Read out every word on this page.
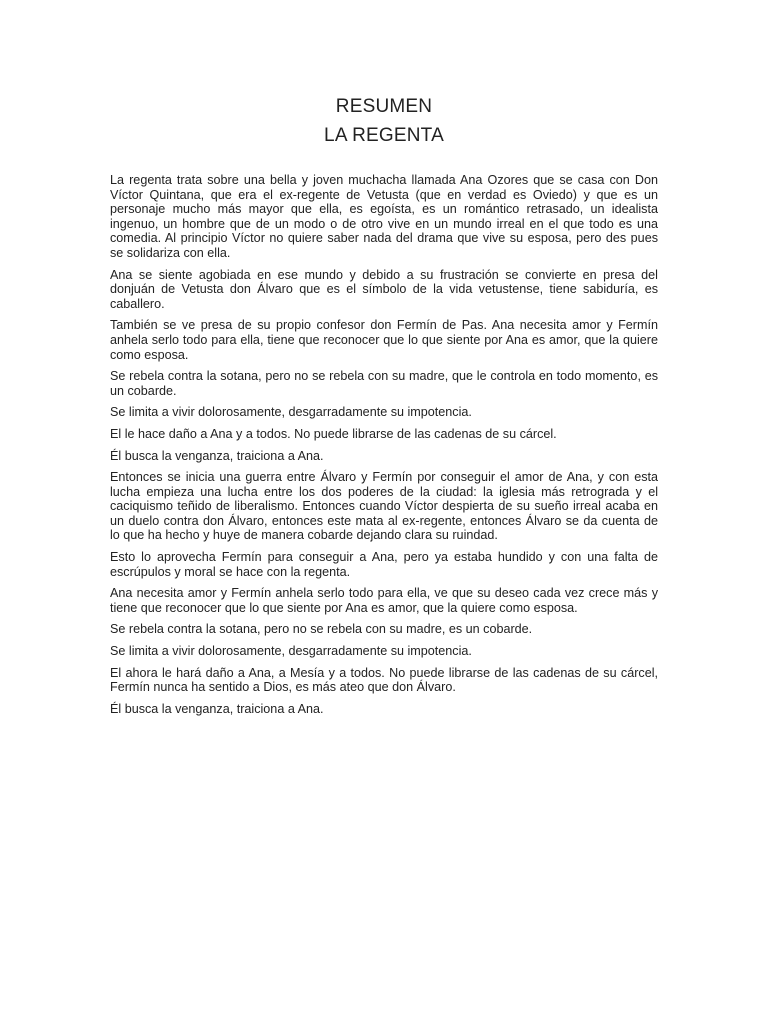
RESUMEN

LA REGENTA

La regenta trata sobre una bella y joven muchacha llamada Ana Ozores que se casa con Don Víctor Quintana, que era el ex-regente de Vetusta (que en verdad es Oviedo) y que es un personaje mucho más mayor que ella, es egoísta, es un romántico retrasado, un idealista ingenuo, un hombre que de un modo o de otro vive en un mundo irreal en el que todo es una comedia. Al principio Víctor no quiere saber nada del drama que vive su esposa, pero des pues se solidariza con ella.

Ana se siente agobiada en ese mundo y debido a su frustración se convierte en presa del donjuán de Vetusta don Álvaro que es el símbolo de la vida vetustense, tiene sabiduría, es caballero.

También se ve presa de su propio confesor don Fermín de Pas. Ana necesita amor y Fermín anhela serlo todo para ella, tiene que reconocer que lo que siente por Ana es amor, que la quiere como esposa.

Se rebela contra la sotana, pero no se rebela con su madre, que le controla en todo momento, es un cobarde.

Se limita a vivir dolorosamente, desgarradamente su impotencia.

El le hace daño a Ana y a todos. No puede librarse de las cadenas de su cárcel.

Él busca la venganza, traiciona a Ana.

Entonces se inicia una guerra entre Álvaro y Fermín por conseguir el amor de Ana, y con esta lucha empieza una lucha entre los dos poderes de la ciudad: la iglesia más retrograda y el caciquismo teñido de liberalismo. Entonces cuando Víctor despierta de su sueño irreal acaba en un duelo contra don Álvaro, entonces este mata al ex-regente, entonces Álvaro se da cuenta de lo que ha hecho y huye de manera cobarde dejando clara su ruindad.

Esto lo aprovecha Fermín para conseguir a Ana, pero ya estaba hundido y con una falta de escrúpulos y moral se hace con la regenta.

Ana necesita amor y Fermín anhela serlo todo para ella, ve que su deseo cada vez crece más y tiene que reconocer que lo que siente por Ana es amor, que la quiere como esposa.

Se rebela contra la sotana, pero no se rebela con su madre, es un cobarde.

Se limita a vivir dolorosamente, desgarradamente su impotencia.

El ahora le hará daño a Ana, a Mesía y a todos. No puede librarse de las cadenas de su cárcel, Fermín nunca ha sentido a Dios, es más ateo que don Álvaro.

Él busca la venganza, traiciona a Ana.
